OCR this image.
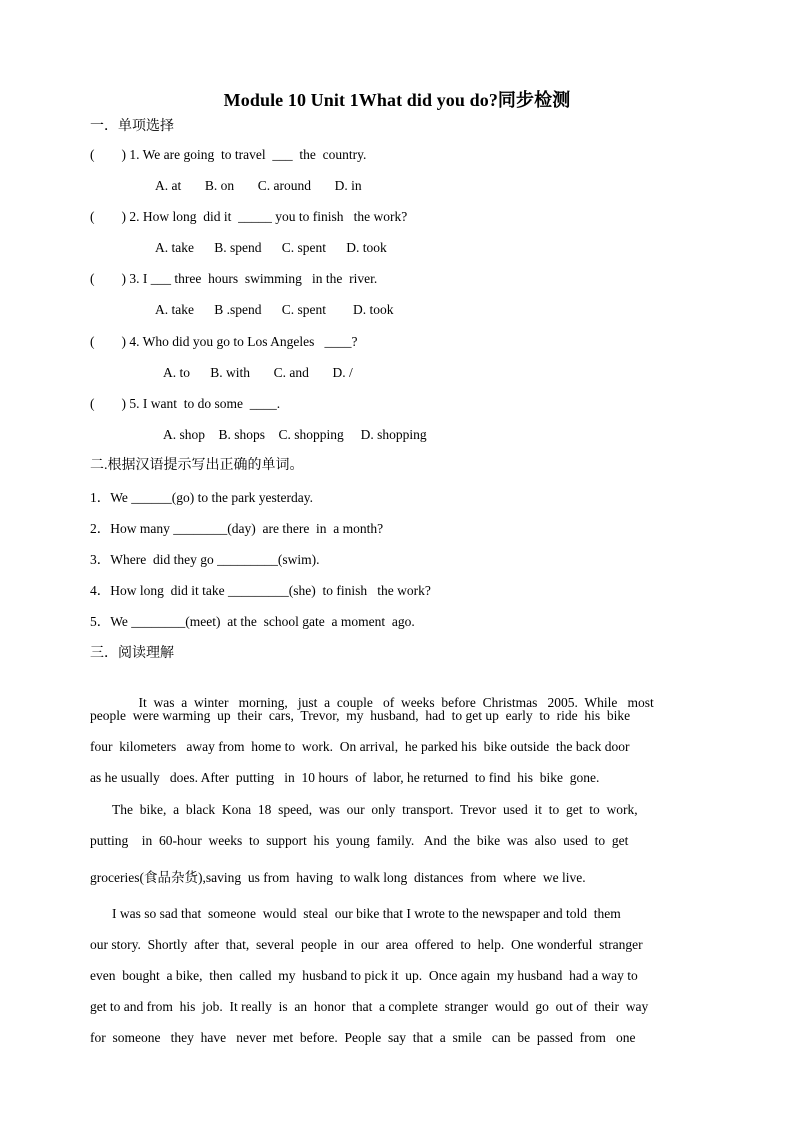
Module 10 Unit 1What did you do?同步检测
一．单项选择
(        ) 1. We are going  to travel  ___  the  country.
A. at       B. on       C. around       D. in
(        ) 2. How long  did it  _____ you to finish   the work?
A. take      B. spend      C. spent      D. took
(        ) 3. I ___ three  hours  swimming   in the  river.
A. take      B .spend      C. spent        D. took
(        ) 4. Who did you go to Los Angeles   ____?
A. to      B. with       C. and       D. /
(        ) 5. I want  to do some  ____.
A. shop    B. shops    C. shopping     D. shopping
二.根据汉语提示写出正确的单词。
1．We ______(go) to the park yesterday.
2．How many ________(day)  are there  in  a month?
3．Where  did they go _________(swim).
4．How long  did it take _________(she)  to finish   the work?
5．We ________(meet)  at the  school gate  a moment  ago.
三．阅读理解

It  was  a  winter   morning,   just  a  couple   of  weeks  before  Christmas   2005.  While   most

people  were warming  up  their  cars,  Trevor,  my  husband,  had  to get up  early  to  ride  his  bike
four  kilometers   away from  home to  work.  On arrival,  he parked his  bike outside  the back door
as he usually   does. After  putting   in  10 hours  of  labor, he returned  to find  his  bike  gone.
The  bike,  a  black  Kona  18  speed,  was  our  only  transport.  Trevor  used  it  to  get  to  work,
putting    in  60-hour  weeks  to  support  his  young  family.   And  the  bike  was  also  used  to  get
groceries(食品杂货),saving  us from  having  to walk long  distances  from  where  we live.
I was so sad that  someone  would  steal  our bike that I wrote to the newspaper and told  them
our story.  Shortly  after  that,  several  people  in  our  area  offered  to  help.  One wonderful  stranger
even  bought  a bike,  then  called  my  husband to pick it  up.  Once again  my husband  had a way to
get to and from  his  job.  It really  is  an  honor  that  a complete  stranger  would  go  out of  their  way
for  someone   they  have   never  met  before.  People  say  that  a  smile   can  be  passed  from   one
